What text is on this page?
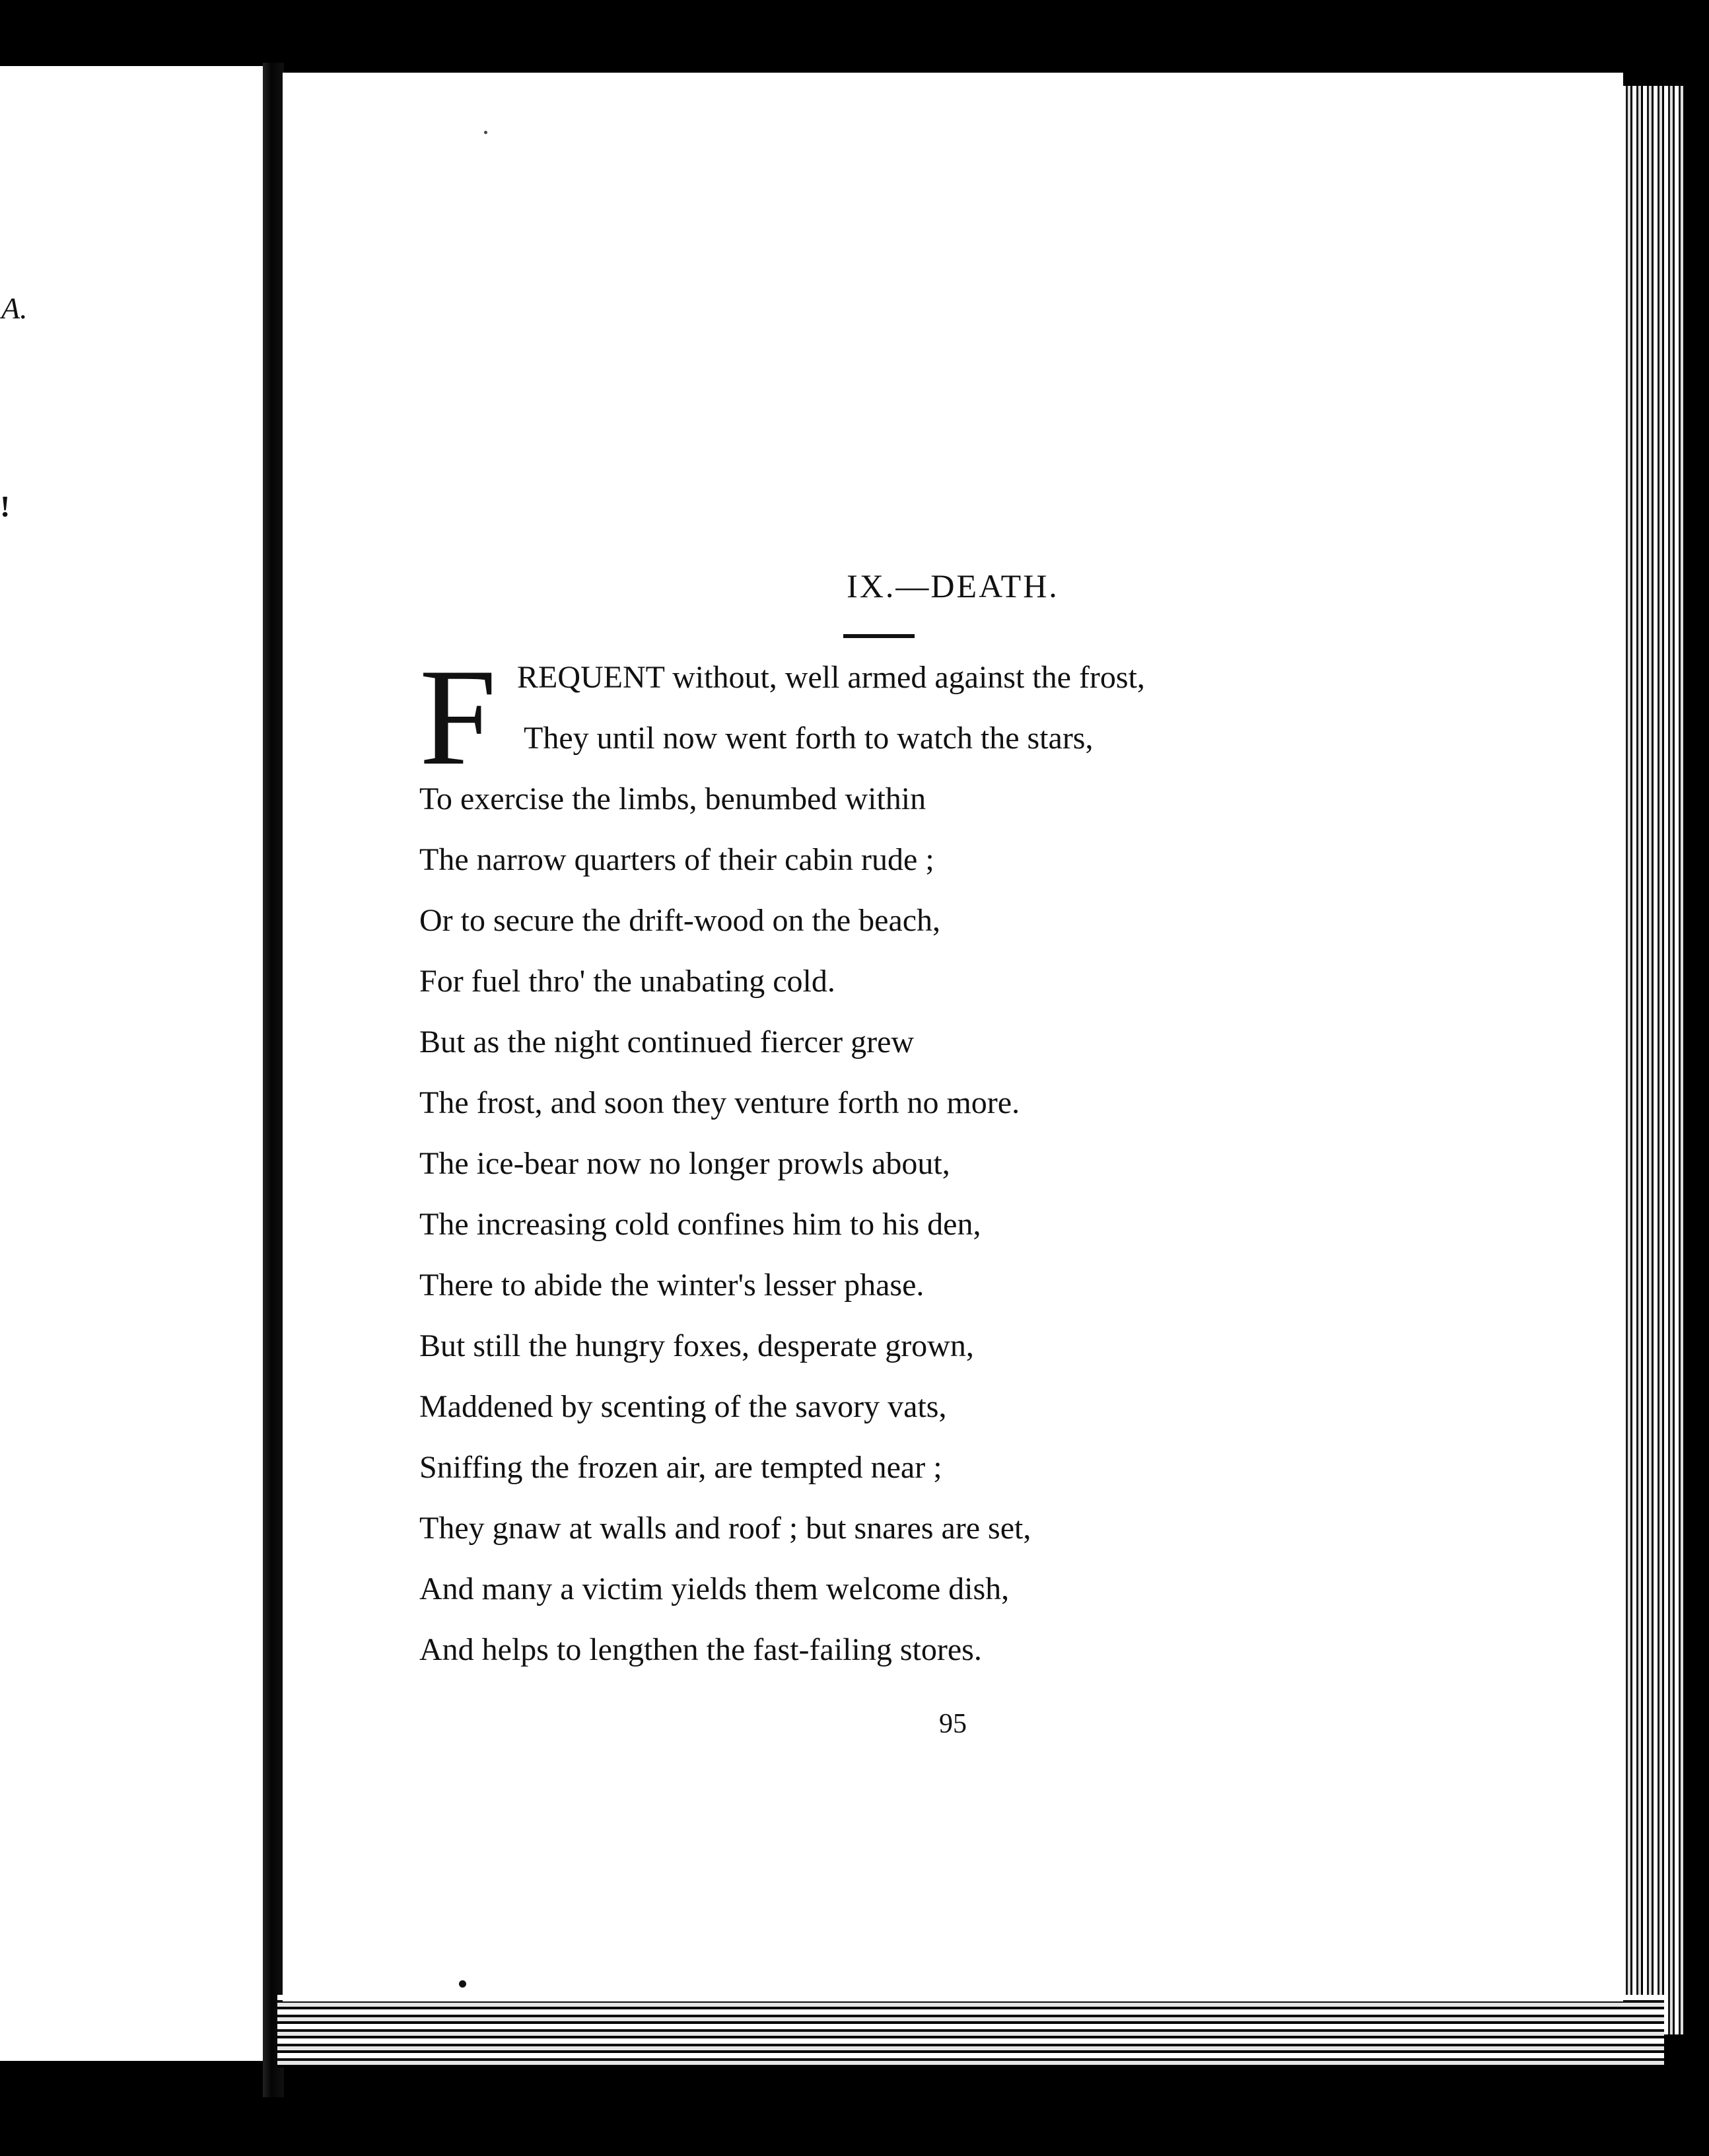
A.
!
IX.—DEATH.
F REQUENT without, well armed against the frost,
They until now went forth to watch the stars,
To exercise the limbs, benumbed within
The narrow quarters of their cabin rude ;
Or to secure the drift-wood on the beach,
For fuel thro' the unabating cold.
But as the night continued fiercer grew
The frost, and soon they venture forth no more.
The ice-bear now no longer prowls about,
The increasing cold confines him to his den,
There to abide the winter's lesser phase.
But still the hungry foxes, desperate grown,
Maddened by scenting of the savory vats,
Sniffing the frozen air, are tempted near ;
They gnaw at walls and roof ; but snares are set,
And many a victim yields them welcome dish,
And helps to lengthen the fast-failing stores.
95
